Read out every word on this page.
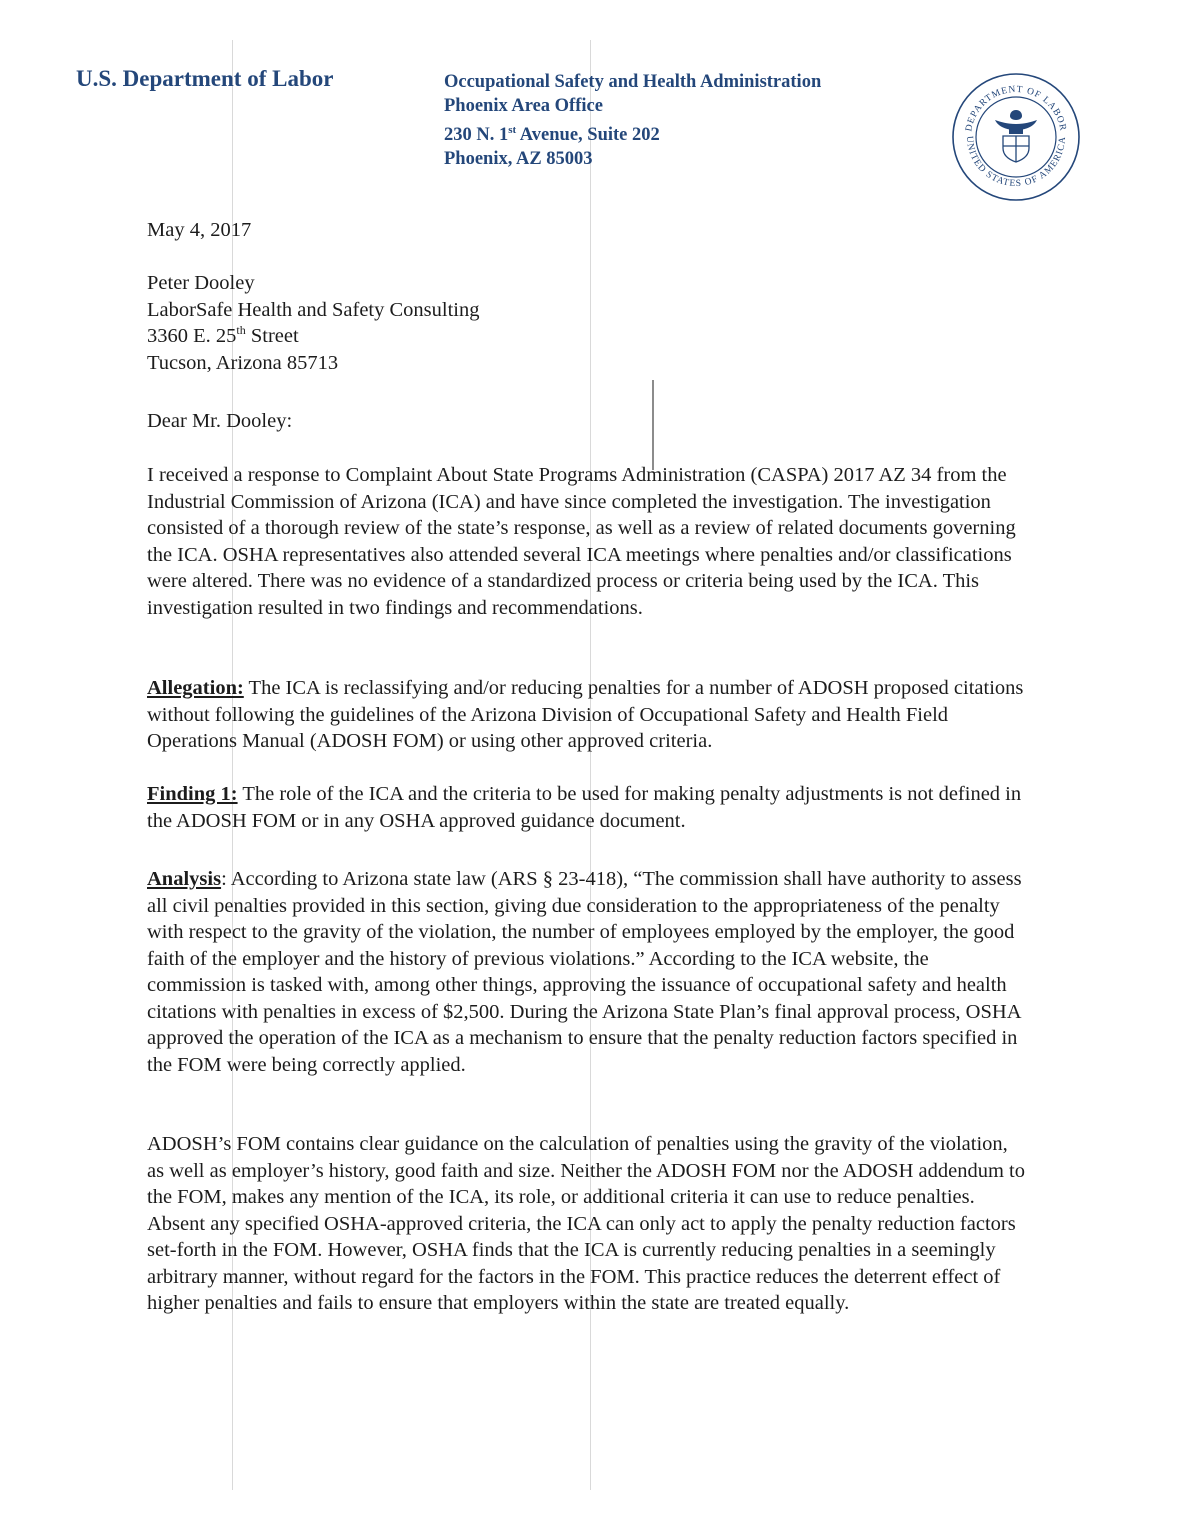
U.S. Department of Labor	Occupational Safety and Health Administration
Phoenix Area Office
230 N. 1st Avenue, Suite 202
Phoenix, AZ 85003
DEPARTMENT OF LABOR
UNITED STATES OF AMERICA
May 4, 2017
Peter Dooley
LaborSafe Health and Safety Consulting
3360 E. 25th Street
Tucson, Arizona 85713
Dear Mr. Dooley:

I received a response to Complaint About State Programs Administration (CASPA) 2017 AZ 34 from the Industrial Commission of Arizona (ICA) and have since completed the investigation. The investigation consisted of a thorough review of the state’s response, as well as a review of related documents governing the ICA. OSHA representatives also attended several ICA meetings where penalties and/or classifications were altered. There was no evidence of a standardized process or criteria being used by the ICA. This investigation resulted in two findings and recommendations.

Allegation: The ICA is reclassifying and/or reducing penalties for a number of ADOSH proposed citations without following the guidelines of the Arizona Division of Occupational Safety and Health Field Operations Manual (ADOSH FOM) or using other approved criteria.

Finding 1: The role of the ICA and the criteria to be used for making penalty adjustments is not defined in the ADOSH FOM or in any OSHA approved guidance document.

Analysis: According to Arizona state law (ARS § 23-418), “The commission shall have authority to assess all civil penalties provided in this section, giving due consideration to the appropriateness of the penalty with respect to the gravity of the violation, the number of employees employed by the employer, the good faith of the employer and the history of previous violations.” According to the ICA website, the commission is tasked with, among other things, approving the issuance of occupational safety and health citations with penalties in excess of $2,500. During the Arizona State Plan’s final approval process, OSHA approved the operation of the ICA as a mechanism to ensure that the penalty reduction factors specified in the FOM were being correctly applied.

ADOSH’s FOM contains clear guidance on the calculation of penalties using the gravity of the violation, as well as employer’s history, good faith and size. Neither the ADOSH FOM nor the ADOSH addendum to the FOM, makes any mention of the ICA, its role, or additional criteria it can use to reduce penalties. Absent any specified OSHA-approved criteria, the ICA can only act to apply the penalty reduction factors set-forth in the FOM. However, OSHA finds that the ICA is currently reducing penalties in a seemingly arbitrary manner, without regard for the factors in the FOM. This practice reduces the deterrent effect of higher penalties and fails to ensure that employers within the state are treated equally.
